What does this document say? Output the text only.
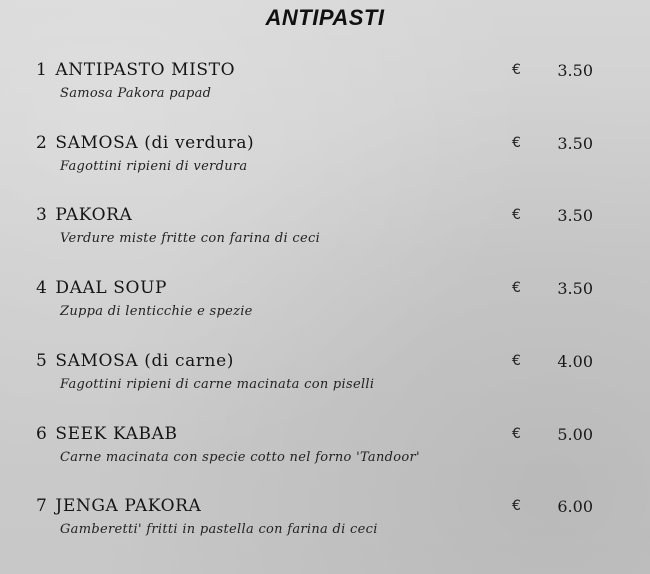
ANTIPASTI
1 ANTIPASTO MISTO
Samosa Pakora papad
€	3.50
2 SAMOSA (di verdura)
Fagottini ripieni di verdura
€	3.50
3 PAKORA
Verdure miste fritte con farina di ceci
€	3.50
4 DAAL SOUP
Zuppa di lenticchie e spezie
€	3.50
5 SAMOSA (di carne)
Fagottini ripieni di carne macinata con piselli
€	4.00
6 SEEK KABAB
Carne macinata con specie cotto nel forno 'Tandoor'
€	5.00
7 JENGA PAKORA
Gamberetti' fritti in pastella con farina di ceci
€	6.00
